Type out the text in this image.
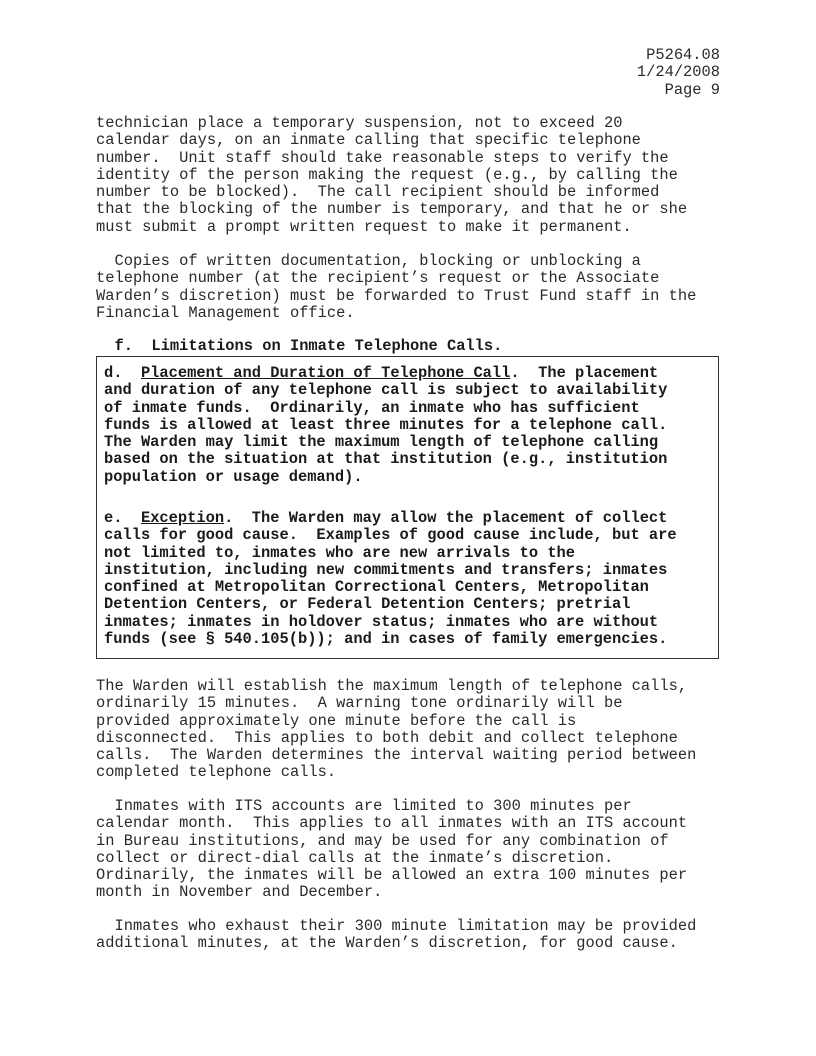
P5264.08
1/24/2008
Page 9

technician place a temporary suspension, not to exceed 20
calendar days, on an inmate calling that specific telephone
number.  Unit staff should take reasonable steps to verify the
identity of the person making the request (e.g., by calling the
number to be blocked).  The call recipient should be informed
that the blocking of the number is temporary, and that he or she
must submit a prompt written request to make it permanent.

Copies of written documentation, blocking or unblocking a
telephone number (at the recipient’s request or the Associate
Warden’s discretion) must be forwarded to Trust Fund staff in the
Financial Management office.

f.  Limitations on Inmate Telephone Calls.

d.  Placement and Duration of Telephone Call.  The placement
and duration of any telephone call is subject to availability
of inmate funds.  Ordinarily, an inmate who has sufficient
funds is allowed at least three minutes for a telephone call.
The Warden may limit the maximum length of telephone calling
based on the situation at that institution (e.g., institution
population or usage demand).

e.  Exception.  The Warden may allow the placement of collect
calls for good cause.  Examples of good cause include, but are
not limited to, inmates who are new arrivals to the
institution, including new commitments and transfers; inmates
confined at Metropolitan Correctional Centers, Metropolitan
Detention Centers, or Federal Detention Centers; pretrial
inmates; inmates in holdover status; inmates who are without
funds (see § 540.105(b)); and in cases of family emergencies.

The Warden will establish the maximum length of telephone calls,
ordinarily 15 minutes.  A warning tone ordinarily will be
provided approximately one minute before the call is
disconnected.  This applies to both debit and collect telephone
calls.  The Warden determines the interval waiting period between
completed telephone calls.

Inmates with ITS accounts are limited to 300 minutes per
calendar month.  This applies to all inmates with an ITS account
in Bureau institutions, and may be used for any combination of
collect or direct-dial calls at the inmate’s discretion.
Ordinarily, the inmates will be allowed an extra 100 minutes per
month in November and December.

Inmates who exhaust their 300 minute limitation may be provided
additional minutes, at the Warden’s discretion, for good cause.
